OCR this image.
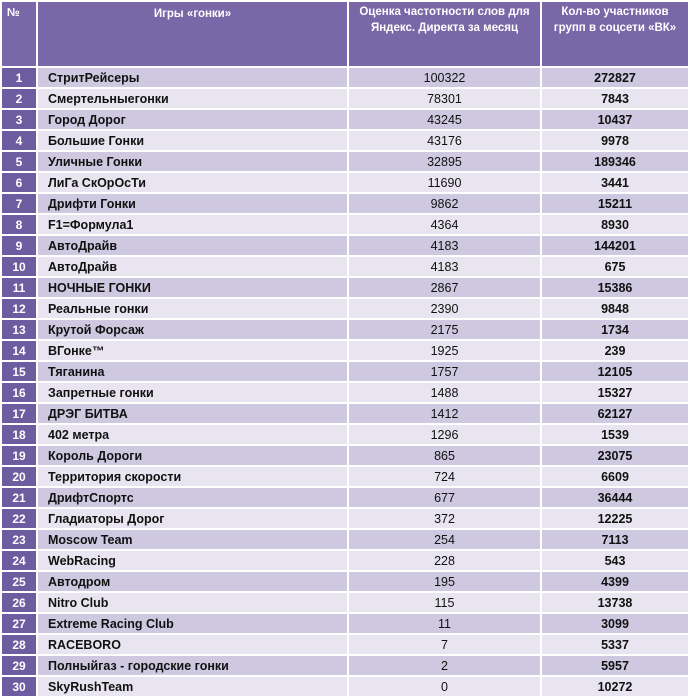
№	Игры «гонки»	Оценка частотности слов для Яндекс. Директа за месяц	Кол-во участников групп в соцсети «ВК»
1	СтритРейсеры	100322	272827
2	Смертельныегонки	78301	7843
3	Город Дорог	43245	10437
4	Большие Гонки	43176	9978
5	Уличные Гонки	32895	189346
6	ЛиГа СкОрОсТи	11690	3441
7	Дрифти Гонки	9862	15211
8	F1=Формула1	4364	8930
9	АвтоДрайв	4183	144201
10	АвтоДрайв	4183	675
11	НОЧНЫЕ ГОНКИ	2867	15386
12	Реальные гонки	2390	9848
13	Крутой Форсаж	2175	1734
14	ВГонке™	1925	239
15	Тяганина	1757	12105
16	Запретные гонки	1488	15327
17	ДРЭГ БИТВА	1412	62127
18	402 метра	1296	1539
19	Король Дороги	865	23075
20	Территория скорости	724	6609
21	ДрифтСпортс	677	36444
22	Гладиаторы Дорог	372	12225
23	Moscow Team	254	7113
24	WebRacing	228	543
25	Автодром	195	4399
26	Nitro Club	115	13738
27	Extreme Racing Club	11	3099
28	RACEBORO	7	5337
29	Полныйгаз - городские гонки	2	5957
30	SkyRushTeam	0	10272
